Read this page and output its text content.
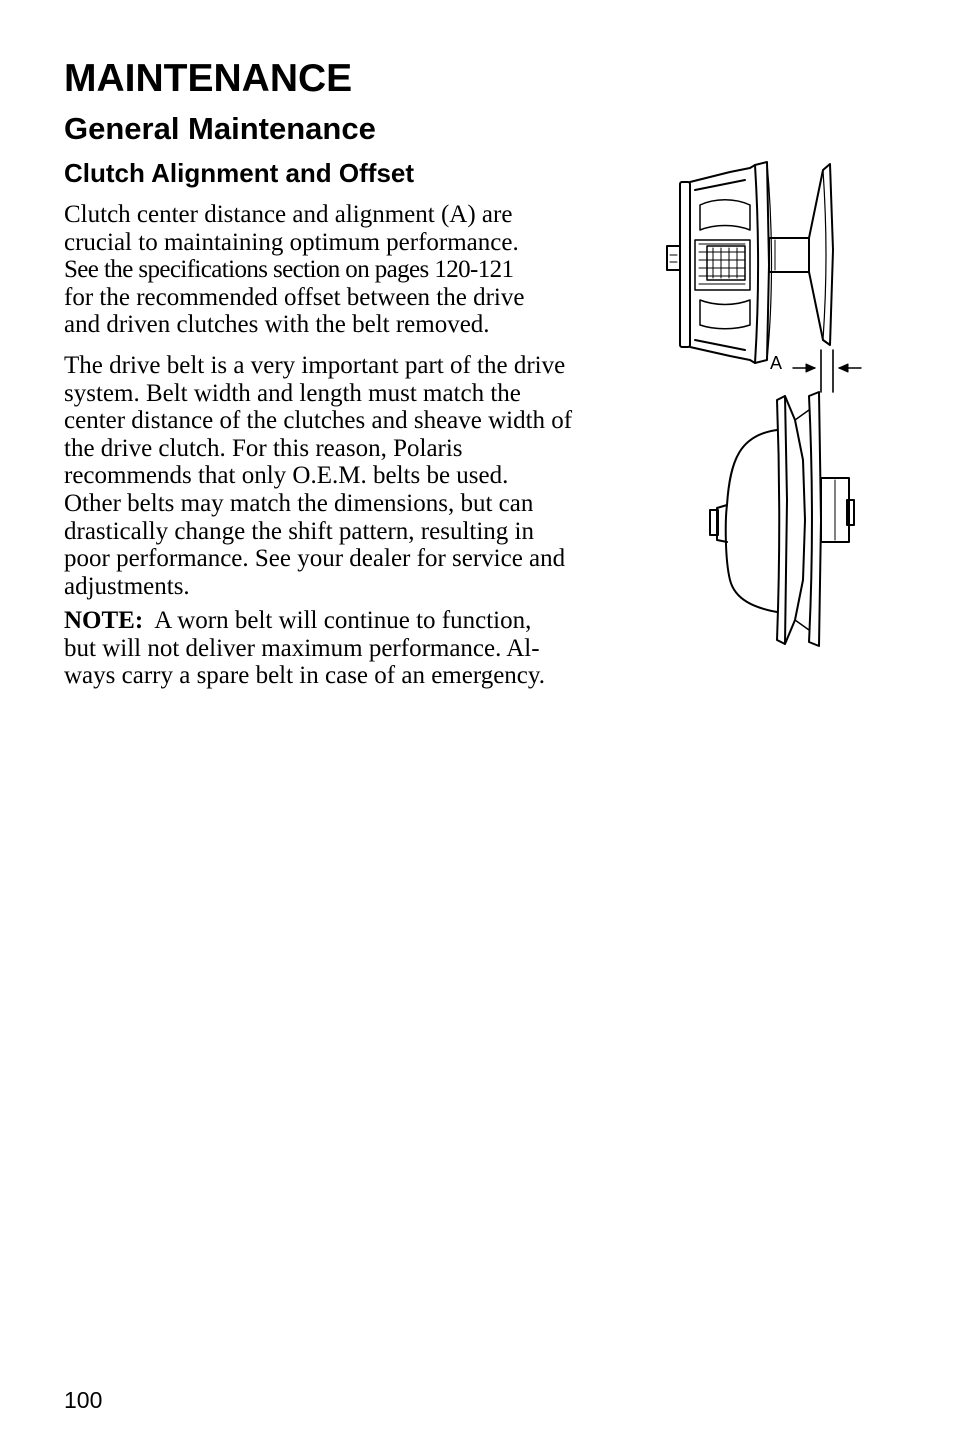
MAINTENANCE
General Maintenance
Clutch Alignment and Offset

Clutch center distance and alignment (A) are
crucial to maintaining optimum performance.
See the specifications section on pages 120-121
for the recommended offset between the drive
and driven clutches with the belt removed.

The drive belt is a very important part of the drive
system. Belt width and length must match the
center distance of the clutches and sheave width of
the drive clutch. For this reason, Polaris
recommends that only O.E.M. belts be used.
Other belts may match the dimensions, but can
drastically change the shift pattern, resulting in
poor performance. See your dealer for service and
adjustments.

NOTE:  A worn belt will continue to function,
but will not deliver maximum performance. Al-
ways carry a spare belt in case of an emergency.

A
100
